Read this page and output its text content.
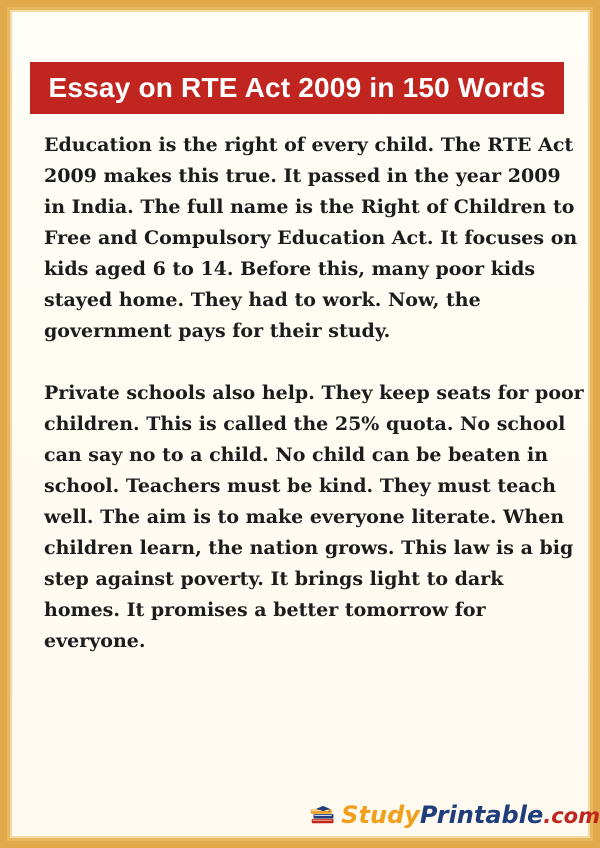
Essay on RTE Act 2009 in 150 Words

Education is the right of every child. The RTE Act 2009 makes this true. It passed in the year 2009 in India. The full name is the Right of Children to Free and Compulsory Education Act. It focuses on kids aged 6 to 14. Before this, many poor kids stayed home. They had to work. Now, the government pays for their study.

Private schools also help. They keep seats for poor children. This is called the 25% quota. No school can say no to a child. No child can be beaten in school. Teachers must be kind. They must teach well. The aim is to make everyone literate. When children learn, the nation grows. This law is a big step against poverty. It brings light to dark homes. It promises a better tomorrow for everyone.

StudyPrintable.com
